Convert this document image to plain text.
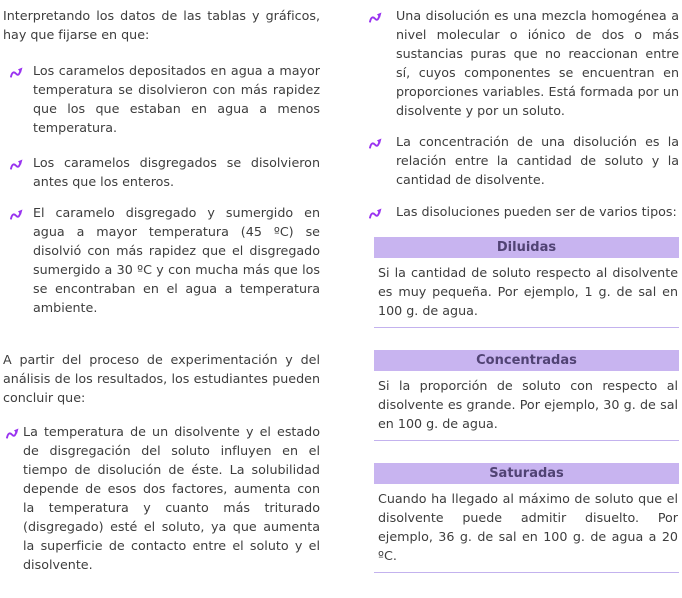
Interpretando los datos de las tablas y gráficos, hay que fijarse en que:

Los caramelos depositados en agua a mayor temperatura se disolvieron con más rapidez que los que estaban en agua a menos temperatura.

Los caramelos disgregados se disolvieron antes que los enteros.

El caramelo disgregado y sumergido en agua a mayor temperatura (45 ºC) se disolvió con más rapidez que el disgregado sumergido a 30 ºC y con mucha más que los se encontraban en el agua a temperatura ambiente.

A partir del proceso de experimentación y del análisis de los resultados, los estudiantes pueden concluir que:

La temperatura de un disolvente y el estado de disgregación del soluto influyen en el tiempo de disolución de éste. La solubilidad depende de esos dos factores, aumenta con la temperatura y cuanto más triturado (disgregado) esté el soluto, ya que aumenta la superficie de contacto entre el soluto y el disolvente.

Una disolución es una mezcla homogénea a nivel molecular o iónico de dos o más sustancias puras que no reaccionan entre sí, cuyos componentes se encuentran en proporciones variables. Está formada por un disolvente y por un soluto.

La concentración de una disolución es la relación entre la cantidad de soluto y la cantidad de disolvente.

Las disoluciones pueden ser de varios tipos:

Diluidas

Si la cantidad de soluto respecto al disolvente es muy pequeña. Por ejemplo, 1 g. de sal en 100 g. de agua.

Concentradas

Si la proporción de soluto con respecto al disolvente es grande. Por ejemplo, 30 g. de sal en 100 g. de agua.

Saturadas

Cuando ha llegado al máximo de soluto que el disolvente puede admitir disuelto. Por ejemplo, 36 g. de sal en 100 g. de agua a 20 ºC.
